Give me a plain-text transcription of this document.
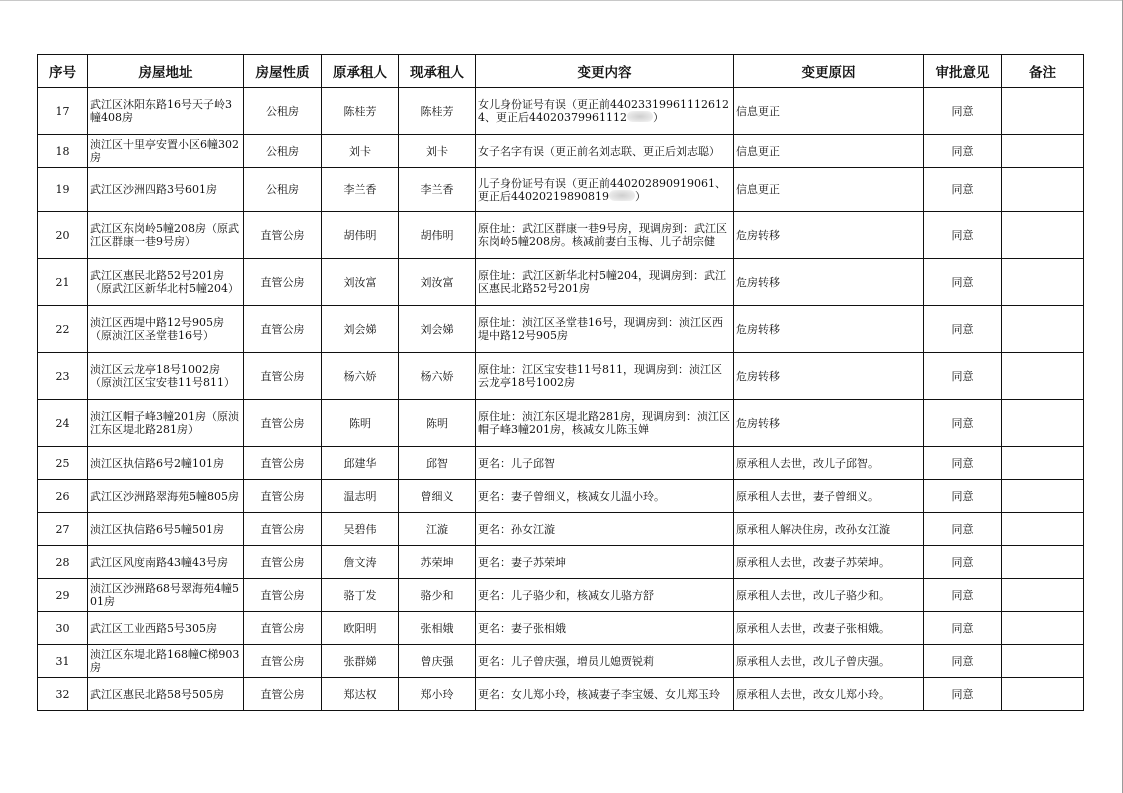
序号	房屋地址	房屋性质	原承租人	现承租人	变更内容	变更原因	审批意见	备注
17	武江区沐阳东路16号天子岭3幢408房	公租房	陈桂芳	陈桂芳	女儿身份证号有误（更正前440233199611126124、更正后44020379961112 ）	信息更正	同意	
18	浈江区十里亭安置小区6幢302房	公租房	刘卡	刘卡	女子名字有误（更正前名刘志联、更正后刘志聪）	信息更正	同意	
19	武江区沙洲四路3号601房	公租房	李兰香	李兰香	儿子身份证号有误（更正前440202890919061、更正后44020219890819 ）	信息更正	同意	
20	武江区东岗岭5幢208房（原武江区群康一巷9号房）	直管公房	胡伟明	胡伟明	原住址：武江区群康一巷9号房，现调房到：武江区东岗岭5幢208房。核减前妻白玉梅、儿子胡宗健	危房转移	同意	
21	武江区惠民北路52号201房（原武江区新华北村5幢204）	直管公房	刘汝富	刘汝富	原住址：武江区新华北村5幢204，现调房到：武江区惠民北路52号201房	危房转移	同意	
22	浈江区西堤中路12号905房（原浈江区圣堂巷16号）	直管公房	刘会娣	刘会娣	原住址：浈江区圣堂巷16号，现调房到：浈江区西堤中路12号905房	危房转移	同意	
23	浈江区云龙亭18号1002房（原浈江区宝安巷11号811）	直管公房	杨六娇	杨六娇	原住址：江区宝安巷11号811，现调房到：浈江区云龙亭18号1002房	危房转移	同意	
24	浈江区帽子峰3幢201房（原浈江东区堤北路281房）	直管公房	陈明	陈明	原住址：浈江东区堤北路281房，现调房到：浈江区帽子峰3幢201房，核减女儿陈玉婵	危房转移	同意	
25	浈江区执信路6号2幢101房	直管公房	邱建华	邱智	更名：儿子邱智	原承租人去世，改儿子邱智。	同意	
26	武江区沙洲路翠海苑5幢805房	直管公房	温志明	曾细义	更名：妻子曾细义，核减女儿温小玲。	原承租人去世，妻子曾细义。	同意	
27	浈江区执信路6号5幢501房	直管公房	吴碧伟	江漩	更名：孙女江漩	原承租人解决住房，改孙女江漩	同意	
28	武江区风度南路43幢43号房	直管公房	詹文涛	苏荣坤	更名：妻子苏荣坤	原承租人去世，改妻子苏荣坤。	同意	
29	浈江区沙洲路68号翠海苑4幢501房	直管公房	骆丁发	骆少和	更名：儿子骆少和，核减女儿骆方舒	原承租人去世，改儿子骆少和。	同意	
30	武江区工业西路5号305房	直管公房	欧阳明	张相娥	更名：妻子张相娥	原承租人去世，改妻子张相娥。	同意	
31	浈江区东堤北路168幢C梯903房	直管公房	张群娣	曾庆强	更名：儿子曾庆强，增员儿媳贾锐莉	原承租人去世，改儿子曾庆强。	同意	
32	武江区惠民北路58号505房	直管公房	郑达权	郑小玲	更名：女儿郑小玲，核减妻子李宝媛、女儿郑玉玲	原承租人去世，改女儿郑小玲。	同意	
